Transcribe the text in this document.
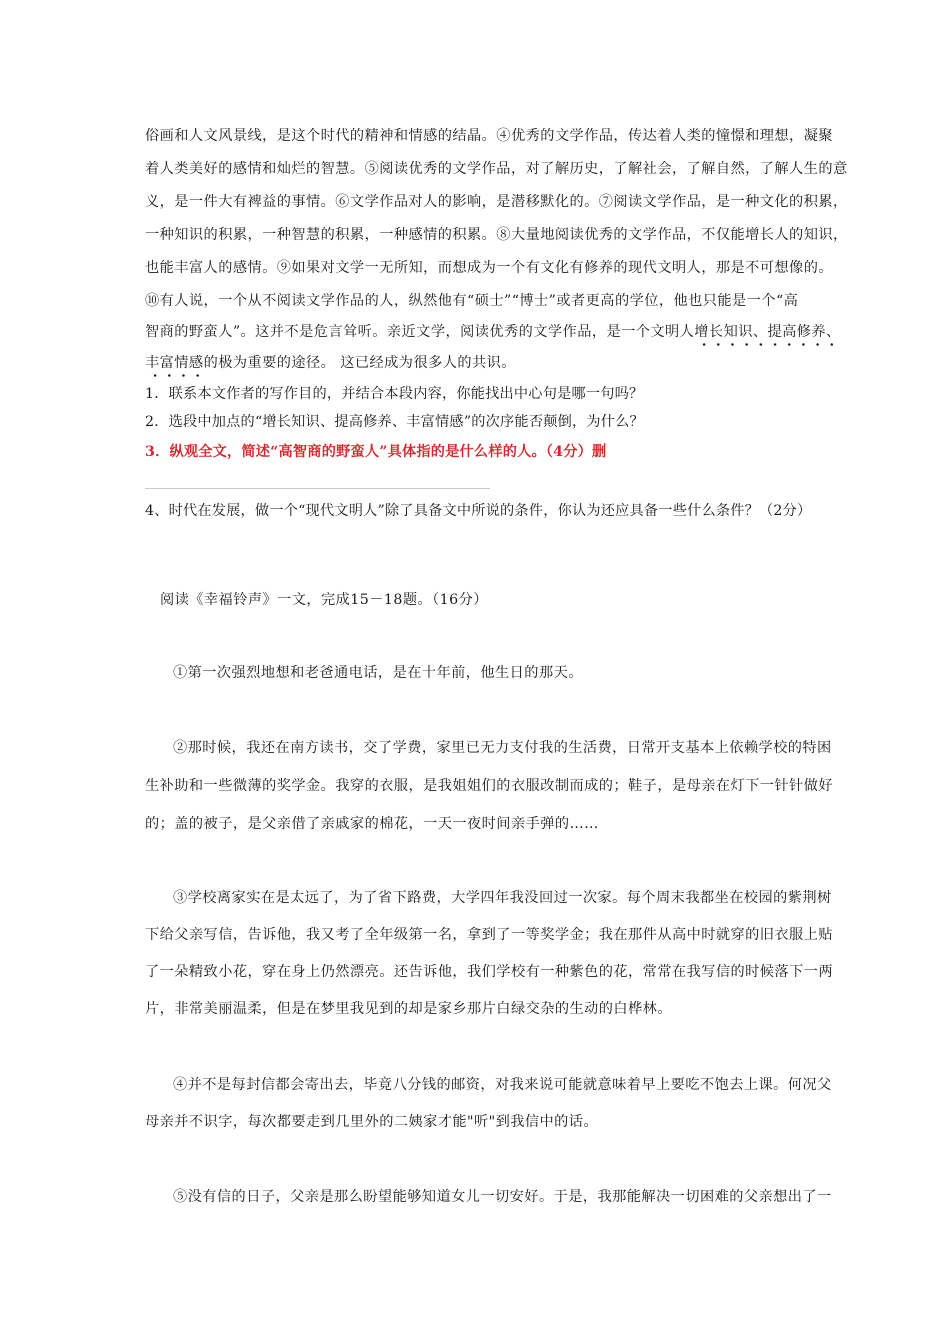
俗画和人文风景线，是这个时代的精神和情感的结晶。④优秀的文学作品，传达着人类的憧憬和理想，凝聚
着人类美好的感情和灿烂的智慧。⑤阅读优秀的文学作品，对了解历史，了解社会，了解自然，了解人生的意
义，是一件大有裨益的事情。⑥文学作品对人的影响，是潜移默化的。⑦阅读文学作品，是一种文化的积累，
一种知识的积累，一种智慧的积累，一种感情的积累。⑧大量地阅读优秀的文学作品，不仅能增长人的知识，
也能丰富人的感情。⑨如果对文学一无所知，而想成为一个有文化有修养的现代文明人，那是不可想像的。
⑩有人说，一个从不阅读文学作品的人，纵然他有“硕士”“博士”或者更高的学位，他也只能是一个“高
智商的野蛮人”。这并不是危言耸听。亲近文学，阅读优秀的文学作品，是一个文明人增长知识、提高修养、
丰富情感的极为重要的途径。 这已经成为很多人的共识。
1．联系本文作者的写作目的，并结合本段内容，你能找出中心句是哪一句吗？
2．选段中加点的“增长知识、提高修养、丰富情感”的次序能否颠倒，为什么？
3．纵观全文，简述“高智商的野蛮人”具体指的是什么样的人。（4分）删
4、时代在发展，做一个“现代文明人”除了具备文中所说的条件，你认为还应具备一些什么条件？（2分）
阅读《幸福铃声》一文，完成15－18题。（16分）
①第一次强烈地想和老爸通电话，是在十年前，他生日的那天。
②那时候，我还在南方读书，交了学费，家里已无力支付我的生活费，日常开支基本上依赖学校的特困
生补助和一些微薄的奖学金。我穿的衣服，是我姐姐们的衣服改制而成的；鞋子，是母亲在灯下一针针做好
的；盖的被子，是父亲借了亲戚家的棉花，一天一夜时间亲手弹的……
③学校离家实在是太远了，为了省下路费，大学四年我没回过一次家。每个周末我都坐在校园的紫荆树
下给父亲写信，告诉他，我又考了全年级第一名，拿到了一等奖学金；我在那件从高中时就穿的旧衣服上贴
了一朵精致小花，穿在身上仍然漂亮。还告诉他，我们学校有一种紫色的花，常常在我写信的时候落下一两
片，非常美丽温柔，但是在梦里我见到的却是家乡那片白绿交杂的生动的白桦林。
④并不是每封信都会寄出去，毕竟八分钱的邮资，对我来说可能就意味着早上要吃不饱去上课。何况父
母亲并不识字，每次都要走到几里外的二姨家才能"听"到我信中的话。
⑤没有信的日子，父亲是那么盼望能够知道女儿一切安好。于是，我那能解决一切困难的父亲想出了一
